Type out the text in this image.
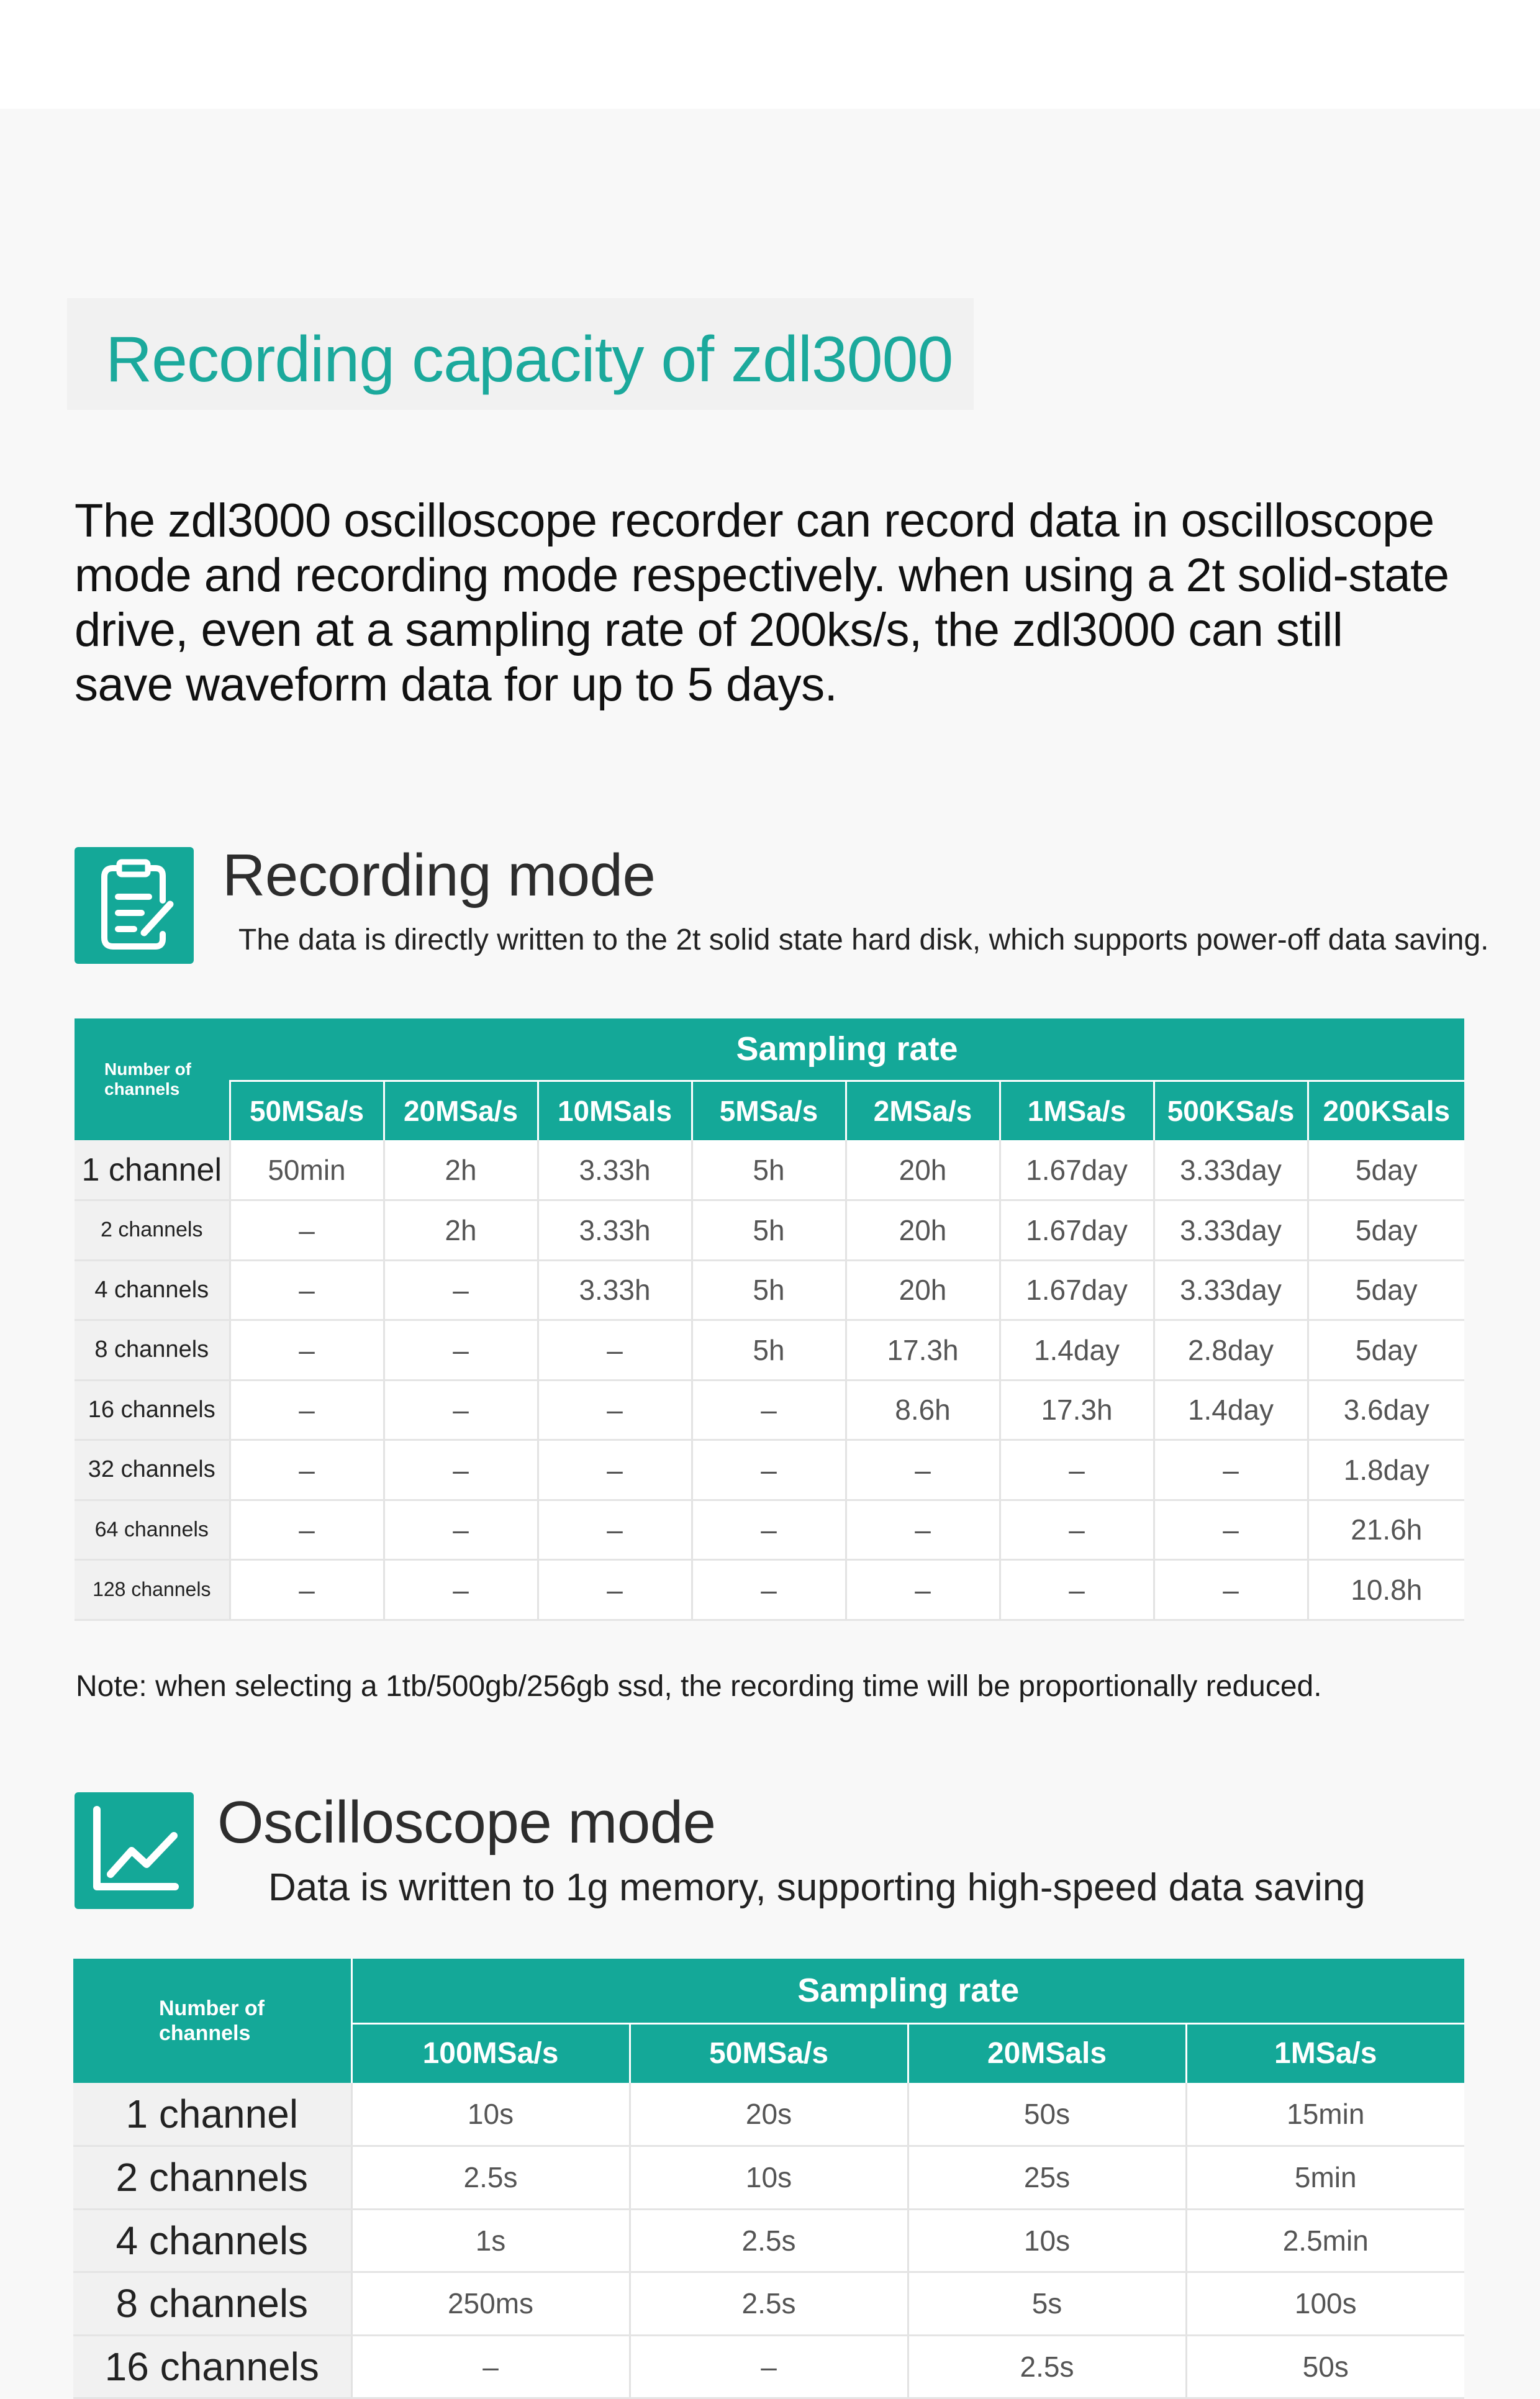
Recording capacity of zdl3000
The zdl3000 oscilloscope recorder can record data in oscilloscope mode and recording mode respectively. when using a 2t solid-state drive, even at a sampling rate of 200ks/s, the zdl3000 can still save waveform data for up to 5 days.
Recording mode
The data is directly written to the 2t solid state hard disk, which supports power-off data saving.
Number of channels	Sampling rate							
	50MSa/s	20MSa/s	10MSals	5MSa/s	2MSa/s	1MSa/s	500KSa/s	200KSals
1 channel	50min	2h	3.33h	5h	20h	1.67day	3.33day	5day
2 channels	–	2h	3.33h	5h	20h	1.67day	3.33day	5day
4 channels	–	–	3.33h	5h	20h	1.67day	3.33day	5day
8 channels	–	–	–	5h	17.3h	1.4day	2.8day	5day
16 channels	–	–	–	–	8.6h	17.3h	1.4day	3.6day
32 channels	–	–	–	–	–	–	–	1.8day
64 channels	–	–	–	–	–	–	–	21.6h
128 channels	–	–	–	–	–	–	–	10.8h
Note: when selecting a 1tb/500gb/256gb ssd, the recording time will be proportionally reduced.
Oscilloscope mode
Data is written to 1g memory, supporting high-speed data saving
Number of channels	Sampling rate			
	100MSa/s	50MSa/s	20MSals	1MSa/s
1 channel	10s	20s	50s	15min
2 channels	2.5s	10s	25s	5min
4 channels	1s	2.5s	10s	2.5min
8 channels	250ms	2.5s	5s	100s
16 channels	–	–	2.5s	50s
